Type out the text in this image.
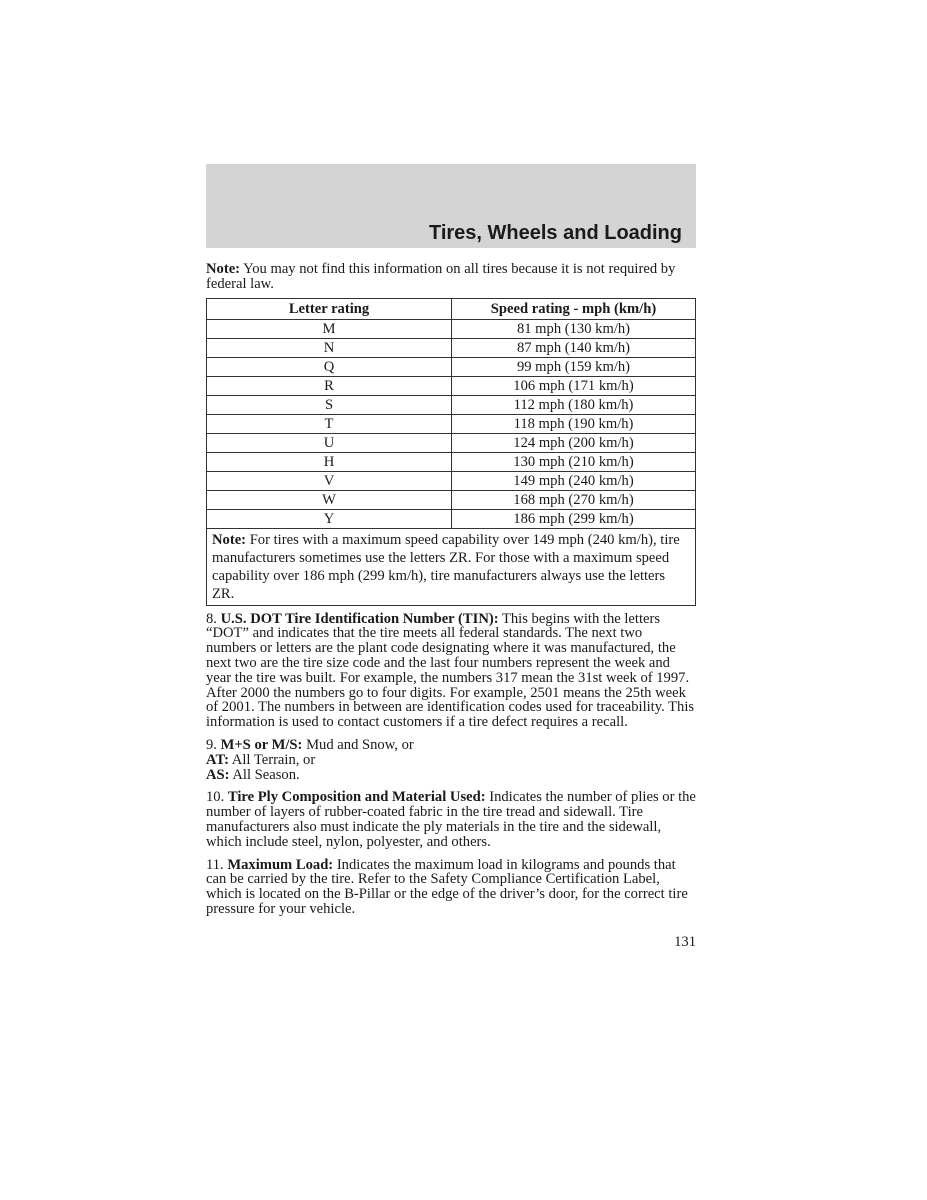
Tires, Wheels and Loading

Note: You may not find this information on all tires because it is not required by federal law.

Letter rating	Speed rating - mph (km/h)
M	81 mph (130 km/h)
N	87 mph (140 km/h)
Q	99 mph (159 km/h)
R	106 mph (171 km/h)
S	112 mph (180 km/h)
T	118 mph (190 km/h)
U	124 mph (200 km/h)
H	130 mph (210 km/h)
V	149 mph (240 km/h)
W	168 mph (270 km/h)
Y	186 mph (299 km/h)
Note: For tires with a maximum speed capability over 149 mph (240 km/h), tire manufacturers sometimes use the letters ZR. For those with a maximum speed capability over 186 mph (299 km/h), tire manufacturers always use the letters ZR.	

8. U.S. DOT Tire Identification Number (TIN): This begins with the letters “DOT” and indicates that the tire meets all federal standards. The next two numbers or letters are the plant code designating where it was manufactured, the next two are the tire size code and the last four numbers represent the week and year the tire was built. For example, the numbers 317 mean the 31st week of 1997. After 2000 the numbers go to four digits. For example, 2501 means the 25th week of 2001. The numbers in between are identification codes used for traceability. This information is used to contact customers if a tire defect requires a recall.

9. M+S or M/S: Mud and Snow, or
AT: All Terrain, or
AS: All Season.

10. Tire Ply Composition and Material Used: Indicates the number of plies or the number of layers of rubber-coated fabric in the tire tread and sidewall. Tire manufacturers also must indicate the ply materials in the tire and the sidewall, which include steel, nylon, polyester, and others.

11. Maximum Load: Indicates the maximum load in kilograms and pounds that can be carried by the tire. Refer to the Safety Compliance Certification Label, which is located on the B-Pillar or the edge of the driver’s door, for the correct tire pressure for your vehicle.

131
